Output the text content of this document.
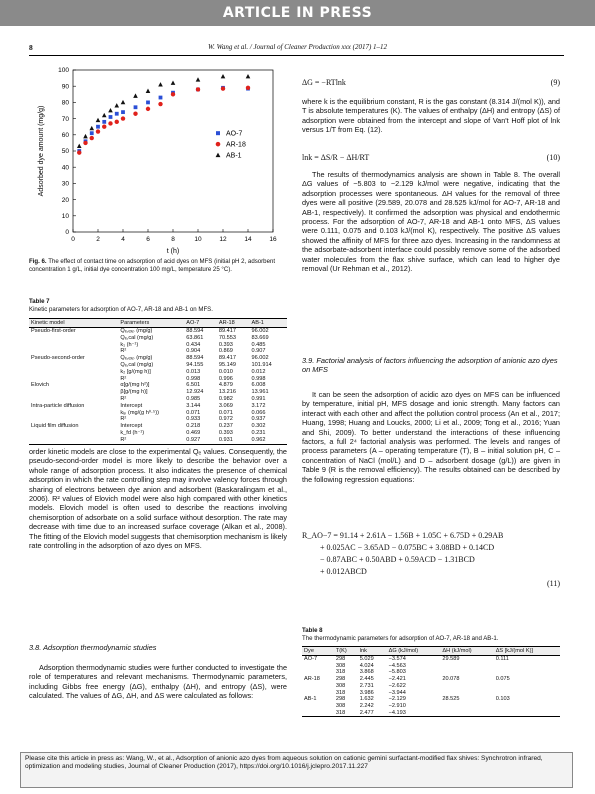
ARTICLE IN PRESS
8	W. Wang et al. / Journal of Cleaner Production xxx (2017) 1–12
0	2	4	6	8	10	12	14	16
0
10
20
30
40
50
60
70
80
90
100
t (h)
Adsorbed dye amount (mg/g)	AO-7
AR-18
AB-1
Fig. 6. The effect of contact time on adsorption of acid dyes on MFS (initial pH 2, adsorbent concentration 1 g/L, initial dye concentration 100 mg/L, temperature 25 °C).
Table 7
Kinetic parameters for adsorption of AO-7, AR-18 and AB-1 on MFS.
Kinetic model	Parameters	AO-7	AR-18	AB-1
Pseudo-first-order	Qₑ,ₑₓₚ (mg/g)	88.594	89.417	96.002
	Qₑ,cal (mg/g)	63.861	70.553	83.669
	k₁ (h⁻¹)	0.434	0.393	0.485
	R²	0.904	0.869	0.907
Pseudo-second-order	Qₑ,ₑₓₚ (mg/g)	88.594	89.417	96.002
	Qₑ,cal (mg/g)	94.155	95.149	101.914
	k₂ [g/(mg h)]	0.013	0.010	0.012
	R²	0.998	0.996	0.998
Elovich	α[g/(mg h²)]	6.501	4.879	6.008
	β[g/(mg h)]	12.924	13.216	13.961
	R²	0.985	0.982	0.991
Intra-particle diffusion	Intercept	3.144	3.069	3.172
	kᵢₚ (mg/(g h⁰·⁵))	0.071	0.071	0.066
	R²	0.933	0.972	0.937
Liquid film diffusion	Intercept	0.218	0.237	0.302
	k_fd (h⁻¹)	0.469	0.393	0.231
	R²	0.927	0.931	0.962
order kinetic models are close to the experimental Qₑ values. Consequently, the pseudo-second-order model is more likely to describe the behavior over a whole range of adsorption process. It also indicates the presence of chemical adsorption in which the rate controlling step may involve valency forces through sharing of electrons between dye anion and adsorbent (Baskaralingam et al., 2006). R² values of Elovich model were also high compared with other kinetics models. Elovich model is often used to describe the reactions involving chemisorption of adsorbate on a solid surface without desorption. The rate may decrease with time due to an increased surface coverage (Alkan et al., 2008). The fitting of the Elovich model suggests that chemisorption mechanism is likely rate controlling in the adsorption of azo dyes on MFS.
3.8. Adsorption thermodynamic studies
Adsorption thermodynamic studies were further conducted to investigate the role of temperatures and relevant mechanisms. Thermodynamic parameters, including Gibbs free energy (ΔG), enthalpy (ΔH), and entropy (ΔS), were calculated. The values of ΔG, ΔH, and ΔS were calculated as follows:
ΔG = −RTlnk	(9)
where k is the equilibrium constant, R is the gas constant (8.314 J/(mol K)), and T is absolute temperatures (K). The values of enthalpy (ΔH) and entropy (ΔS) of adsorption were obtained from the intercept and slope of Van't Hoff plot of lnk versus 1/T from Eq. (12).
lnk = ΔS/R − ΔH/RT	(10)
The results of thermodynamics analysis are shown in Table 8. The overall ΔG values of −5.803 to −2.129 kJ/mol were negative, indicating that the adsorption processes were spontaneous. ΔH values for the removal of three dyes were all positive (29.589, 20.078 and 28.525 kJ/mol for AO-7, AR-18 and AB-1, respectively). It confirmed the adsorption was physical and endothermic process. For the adsorption of AO-7, AR-18 and AB-1 onto MFS, ΔS values were 0.111, 0.075 and 0.103 kJ/(mol K), respectively. The positive ΔS values showed the affinity of MFS for three azo dyes. Increasing in the randomness at the adsorbate-adsorbent interface could possibly remove some of the adsorbed water molecules from the flax shive surface, which can lead to higher dye removal (Ur Rehman et al., 2012).
3.9. Factorial analysis of factors influencing the adsorption of anionic azo dyes on MFS
It can be seen the adsorption of acidic azo dyes on MFS can be influenced by temperature, initial pH, MFS dosage and ionic strength. Many factors can interact with each other and affect the pollution control process (An et al., 2017; Huang, 1998; Huang and Loucks, 2000; Li et al., 2009; Tong et al., 2016; Yuan and Shi, 2009). To better understand the interactions of these influencing factors, a full 2⁴ factorial analysis was performed. The levels and ranges of process parameters (A – operating temperature (T), B – initial solution pH, C – concentration of NaCl (mol/L) and D – adsorbent dosage (g/L)) are given in Table 9 (R is the removal efficiency). The results obtained can be described by the following regression equations:
R_AO−7 = 91.14 + 2.61A − 1.56B + 1.05C + 6.75D + 0.29AB
+ 0.025AC − 3.65AD − 0.075BC + 3.08BD + 0.14CD
− 0.87ABC + 0.50ABD + 0.59ACD − 1.31BCD
+ 0.012ABCD
(11)
Table 8
The thermodynamic parameters for adsorption of AO-7, AR-18 and AB-1.
Dye	T(K)	lnk	ΔG (kJ/mol)	ΔH (kJ/mol)	ΔS [kJ/(mol K)]
AO-7	298	5.029	−3.574	29.589	0.111
	308	4.024	−4.563		
	318	3.868	−5.803		
AR-18	298	2.445	−2.421	20.078	0.075
	308	2.731	−2.622		
	318	3.986	−3.944		
AB-1	298	1.632	−2.129	28.525	0.103
	308	2.242	−2.910		
	318	2.477	−4.193		
Please cite this article in press as: Wang, W., et al., Adsorption of anionic azo dyes from aqueous solution on cationic gemini surfactant-modified flax shives: Synchrotron infrared, optimization and modeling studies, Journal of Cleaner Production (2017), https://doi.org/10.1016/j.jclepro.2017.11.227
